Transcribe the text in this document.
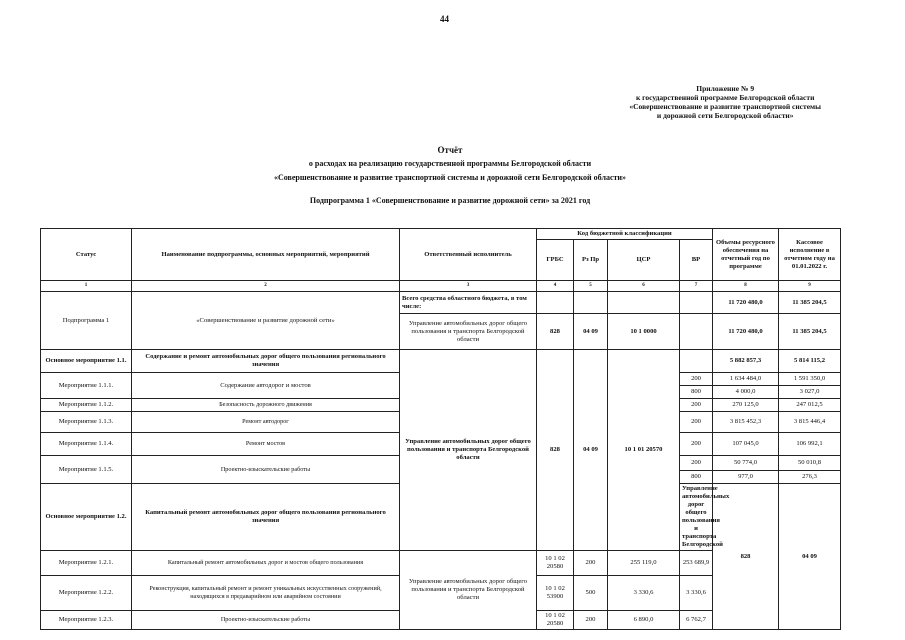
44
Приложение № 9
к государственной программе Белгородской области
«Совершенствование и развитие транспортной системы
и дорожной сети Белгородской области»
Отчёт
о расходах на реализацию государственной программы Белгородской области
«Совершенствование и развитие транспортной системы и дорожной сети Белгородской области»
Подпрограмма 1 «Совершенствование и развитие дорожной сети» за 2021 год
Статус	Наименование подпрограммы, основных мероприятий, мероприятий	Ответственный исполнитель	Код бюджетной классификации				Объемы ресурсного обеспечения на отчетный год по программе	Кассовое исполнение в отчетном году на 01.01.2022 г.	
			ГРБС	Рз Пр	ЦСР	ВР			
1	2	3	4	5	6	7	8	9	
Подпрограмма 1	«Совершенствование и развитие дорожной сети»	Всего средства областного бюджета, в том числе:					11 720 480,0	11 385 204,5	
		Управление автомобильных дорог общего пользования и транспорта Белгородской области	828	04 09	10 1 0000		11 720 480,0	11 385 204,5	
Основное мероприятие 1.1.	Содержание и ремонт автомобильных дорог общего пользования регионального значения	Управление автомобильных дорог общего пользования и транспорта Белгородской области	828	04 09	10 1 01 20570		5 882 857,3	5 814 115,2	

Мероприятие 1.1.1.	Содержание автодорог и мостов					200	1 634 484,0	1 591 350,0	
						800	4 000,0	3 027,0	
Мероприятие 1.1.2.	Безопасность дорожного движения					200	270 125,0	247 012,5	
Мероприятие 1.1.3.	Ремонт автодорог					200	3 815 452,3	3 815 446,4	
Мероприятие 1.1.4.	Ремонт мостов					200	107 045,0	106 992,1	
Мероприятие 1.1.5.	Проектно-изыскательские работы					200	50 774,0	50 010,8	
						800	977,0	276,3	
Основное мероприятие 1.2.	Капитальный ремонт автомобильных дорог общего пользования регионального значения					Управление автомобильных дорог общего пользования и транспорта Белгородской	828	04 09				
Мероприятие 1.2.1.	Капитальный ремонт автомобильных дорог и мостов общего пользования	Управление автомобильных дорог общего пользования и транспорта Белгородской области	10 1 02 20580	200	255 119,0	253 689,9			
Мероприятие 1.2.2.	Реконструкция, капитальный ремонт и ремонт уникальных искусственных сооружений, находящихся в предаварийном или аварийном состоянии		10 1 02 53900	500	3 330,6	3 330,6			
Мероприятие 1.2.3.	Проектно-изыскательские работы		10 1 02 20580	200	6 890,0	6 762,7			
